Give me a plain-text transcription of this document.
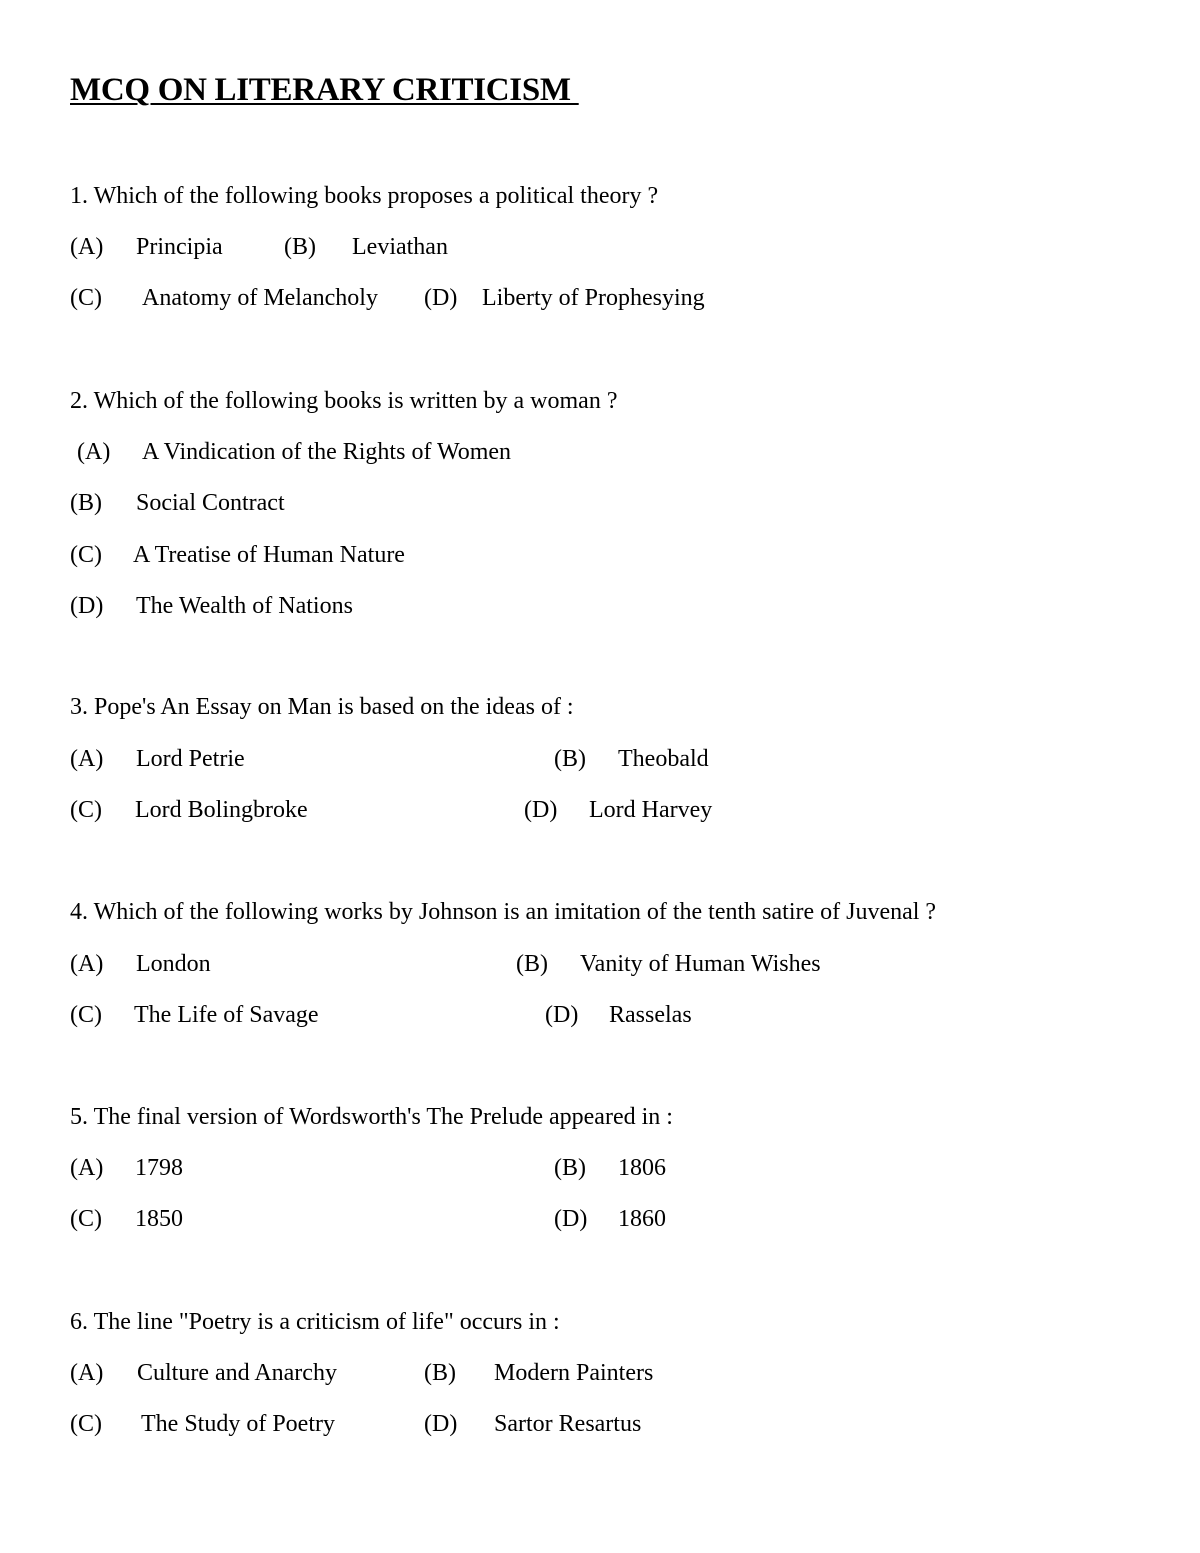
MCQ ON LITERARY CRITICISM
1. Which of the following books proposes a political theory ?
(A) Principia	(B) Leviathan
(C) Anatomy of Melancholy (D) Liberty of Prophesying
2. Which of the following books is written by a woman ?
(A) A Vindication of the Rights of Women
(B) Social Contract
(C) A Treatise of Human Nature
(D) The Wealth of Nations
3. Pope's An Essay on Man is based on the ideas of :
(A) Lord Petrie	(B) Theobald
(C) Lord Bolingbroke	(D) Lord Harvey
4. Which of the following works by Johnson is an imitation of the tenth satire of Juvenal ?
(A) London	(B) Vanity of Human Wishes
(C) The Life of Savage	(D) Rasselas
5. The final version of Wordsworth's The Prelude appeared in :
(A) 1798	(B) 1806
(C) 1850	(D) 1860
6. The line "Poetry is a criticism of life" occurs in :
(A) Culture and Anarchy	(B) Modern Painters
(C) The Study of Poetry	(D) Sartor Resartus
